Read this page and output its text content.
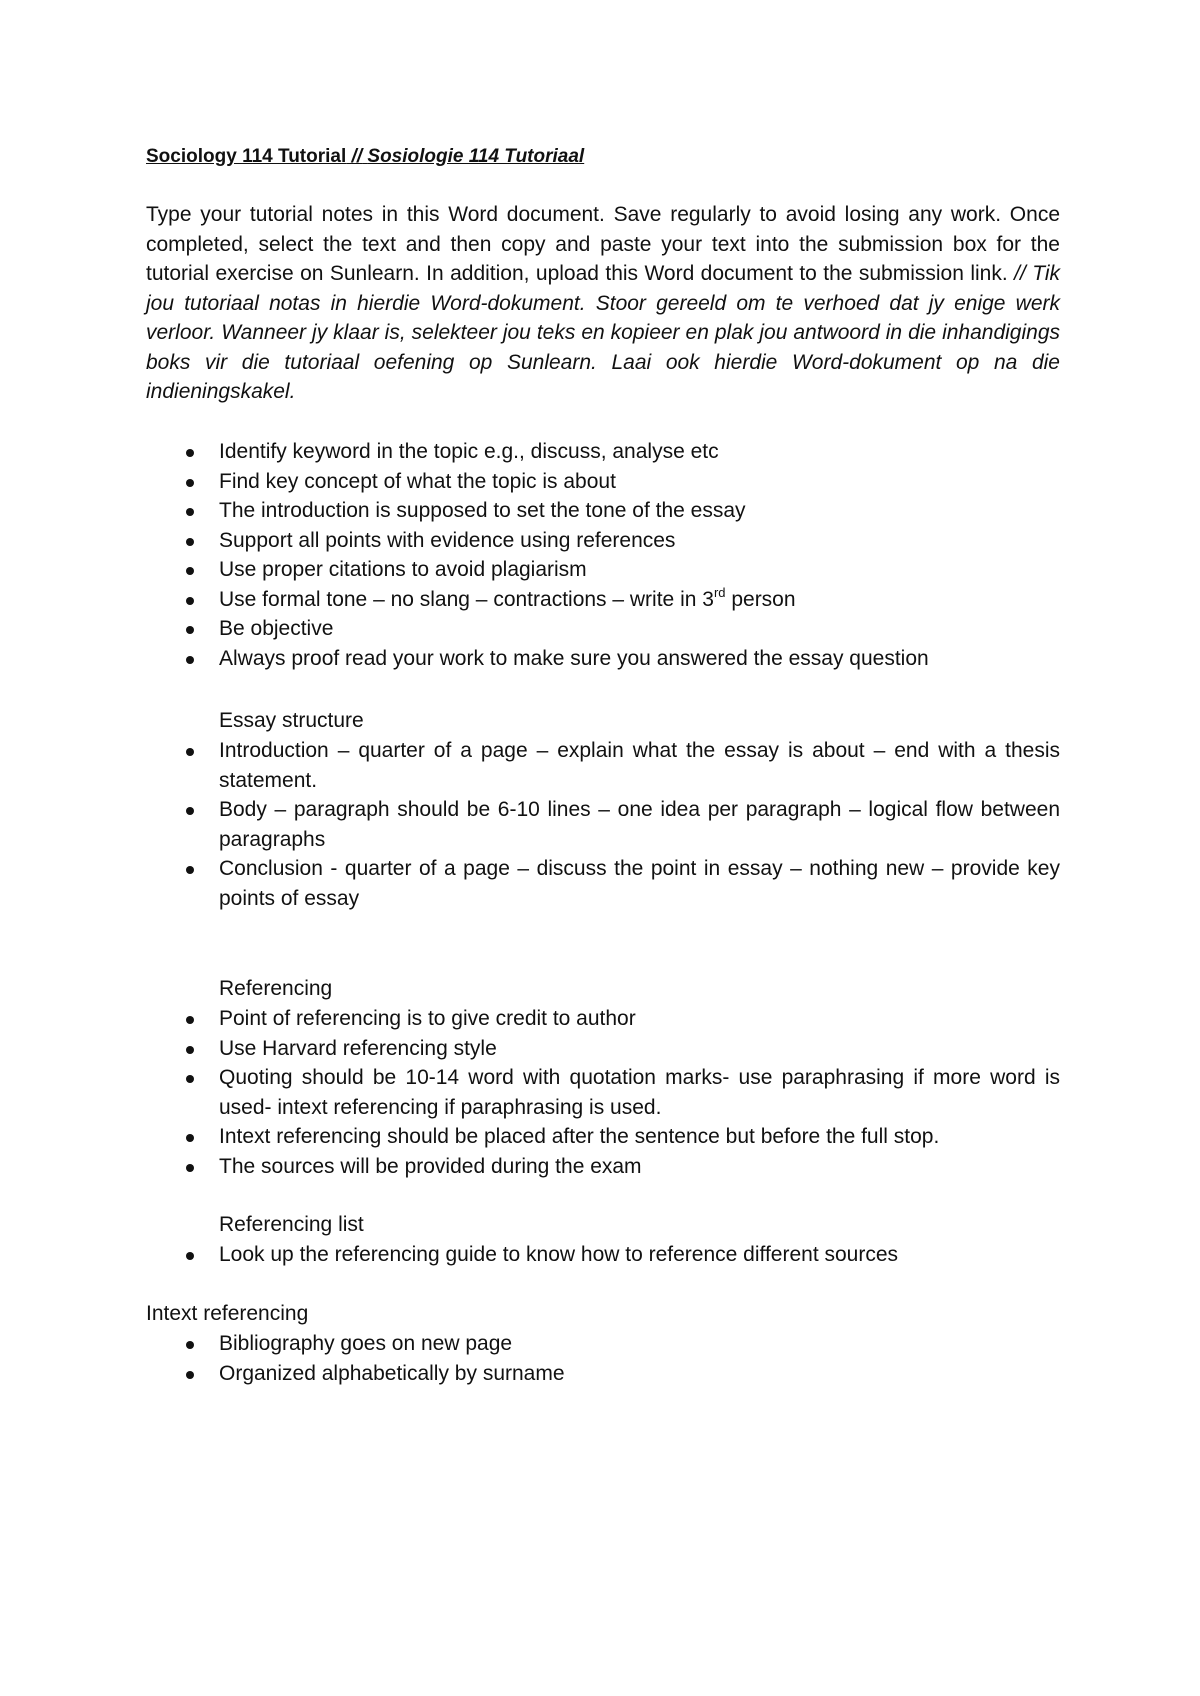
Sociology 114 Tutorial // Sosiologie 114 Tutoriaal

Type your tutorial notes in this Word document. Save regularly to avoid losing any work. Once completed, select the text and then copy and paste your text into the submission box for the tutorial exercise on Sunlearn. In addition, upload this Word document to the submission link. // Tik jou tutoriaal notas in hierdie Word-dokument. Stoor gereeld om te verhoed dat jy enige werk verloor. Wanneer jy klaar is, selekteer jou teks en kopieer en plak jou antwoord in die inhandigings boks vir die tutoriaal oefening op Sunlearn. Laai ook hierdie Word-dokument op na die indieningskakel.

Identify keyword in the topic e.g., discuss, analyse etc
Find key concept of what the topic is about
The introduction is supposed to set the tone of the essay
Support all points with evidence using references
Use proper citations to avoid plagiarism
Use formal tone – no slang – contractions – write in 3rd person
Be objective
Always proof read your work to make sure you answered the essay question

Essay structure

Introduction – quarter of a page – explain what the essay is about – end with a thesis statement.
Body – paragraph should be 6-10 lines – one idea per paragraph – logical flow between paragraphs
Conclusion - quarter of a page – discuss the point in essay – nothing new – provide key points of essay

Referencing

Point of referencing is to give credit to author
Use Harvard referencing style
Quoting should be 10-14 word with quotation marks- use paraphrasing if more word is used- intext referencing if paraphrasing is used.
Intext referencing should be placed after the sentence but before the full stop.
The sources will be provided during the exam

Referencing list

Look up the referencing guide to know how to reference different sources

Intext referencing

Bibliography goes on new page
Organized alphabetically by surname
